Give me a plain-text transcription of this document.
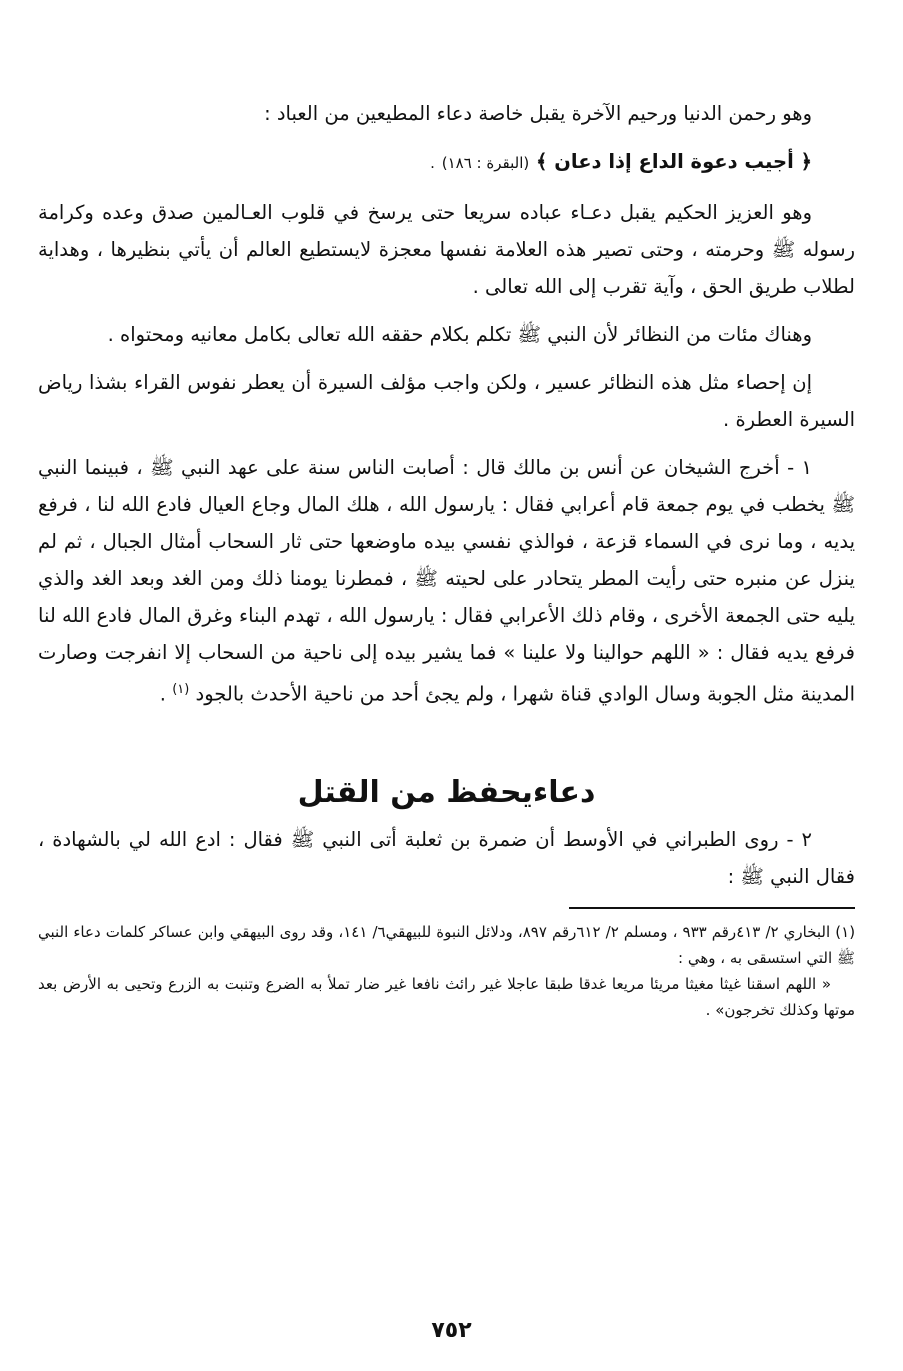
وهو رحمن الدنيا ورحيم الآخرة يقبل خاصة دعاء المطيعين من العباد :

﴿ أجيب دعوة الداع إذا دعان ﴾ (البقرة : ١٨٦) .

وهو العزيز الحكيم يقبل دعـاء عباده سريعا حتى يرسخ في قلوب العـالمين صدق وعده وكرامة رسوله ﷺ وحرمته ، وحتى تصير هذه العلامة نفسها معجزة لايستطيع العالم أن يأتي بنظيرها ، وهداية لطلاب طريق الحق ، وآية تقرب إلى الله تعالى .

وهناك مئات من النظائر لأن النبي ﷺ تكلم بكلام حققه الله تعالى بكامل معانيه ومحتواه .

إن إحصاء مثل هذه النظائر عسير ، ولكن واجب مؤلف السيرة أن يعطر نفوس القراء بشذا رياض السيرة العطرة .

١ - أخرج الشيخان عن أنس بن مالك قال : أصابت الناس سنة على عهد النبي ﷺ ، فبينما النبي ﷺ يخطب في يوم جمعة قام أعرابي فقال : يارسول الله ، هلك المال وجاع العيال فادع الله لنا ، فرفع يديه ، وما نرى في السماء قزعة ، فوالذي نفسي بيده ماوضعها حتى ثار السحاب أمثال الجبال ، ثم لم ينزل عن منبره حتى رأيت المطر يتحادر على لحيته ﷺ ، فمطرنا يومنا ذلك ومن الغد وبعد الغد والذي يليه حتى الجمعة الأخرى ، وقام ذلك الأعرابي فقال : يارسول الله ، تهدم البناء وغرق المال فادع الله لنا فرفع يديه فقال : « اللهم حوالينا ولا علينا » فما يشير بيده إلى ناحية من السحاب إلا انفرجت وصارت المدينة مثل الجوبة وسال الوادي قناة شهرا ، ولم يجئ أحد من ناحية الأحدث بالجود $^{(١)}$ .

دعاءيحفظ من القتل

٢ - روى الطبراني في الأوسط أن ضمرة بن ثعلبة أتى النبي ﷺ فقال : ادع الله لي بالشهادة ، فقال النبي ﷺ :

(١) البخاري ٢/ ٤١٣رقم ٩٣٣ ، ومسلم ٢/ ٦١٢رقم ٨٩٧، ودلائل النبوة للبيهقي٦/ ١٤١، وقد روى البيهقي وابن عساكر كلمات دعاء النبي ﷺ التي استسقى به ، وهي :

« اللهم اسقنا غيثا مغيثا مريئا مريعا غدقا طبقا عاجلا غير رائث نافعا غير ضار تملأ به الضرع وتنبت به الزرع وتحيى به الأرض بعد موتها وكذلك تخرجون» .

٧٥٢
